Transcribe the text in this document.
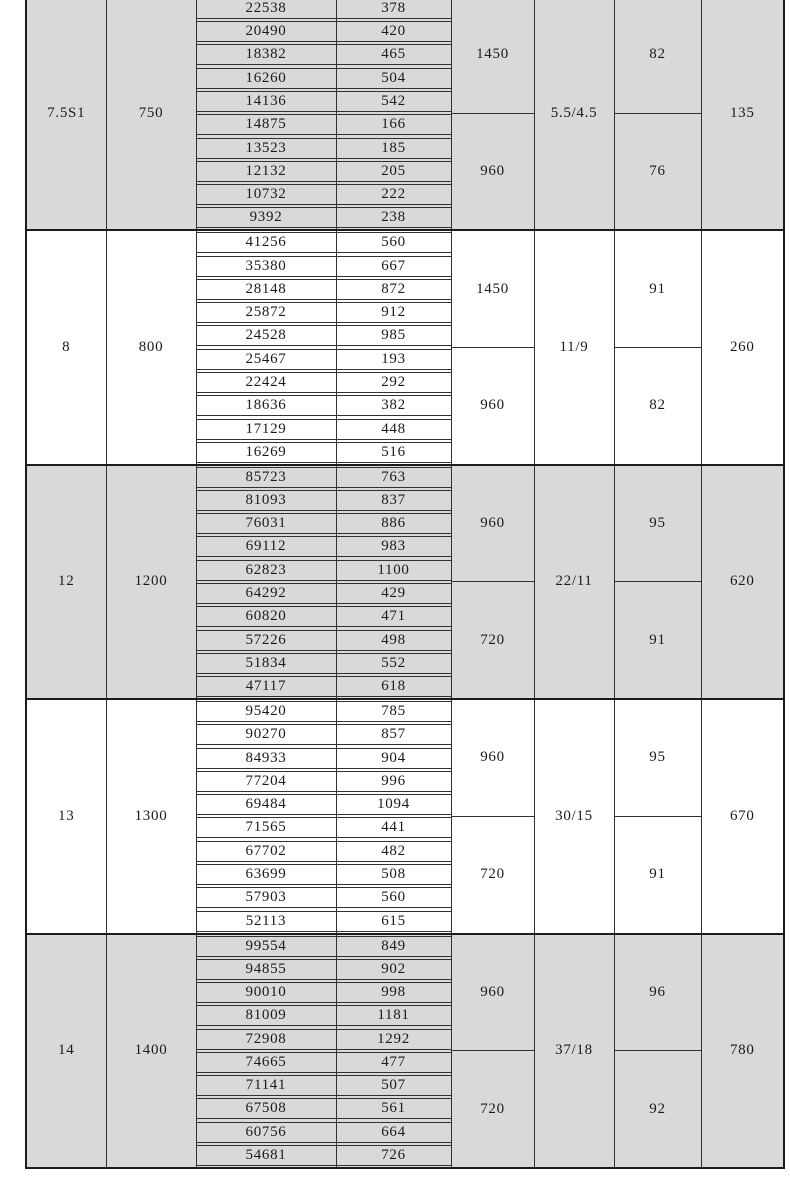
7.5S1	750	22538	378	1450	5.5/4.5	82	135

		20490	420				

		18382	465				

		16260	504				

		14136	542				

		14875	166	960		76	

		13523	185				

		12132	205				

		10732	222				

		9392	238				

8	800	41256	560	1450	11/9	91	260

		35380	667				

		28148	872				

		25872	912				

		24528	985				

		25467	193	960		82	

		22424	292				

		18636	382				

		17129	448				

		16269	516				

12	1200	85723	763	960	22/11	95	620

		81093	837				

		76031	886				

		69112	983				

		62823	1100				

		64292	429	720		91	

		60820	471				

		57226	498				

		51834	552				

		47117	618				

13	1300	95420	785	960	30/15	95	670

		90270	857				

		84933	904				

		77204	996				

		69484	1094				

		71565	441	720		91	

		67702	482				

		63699	508				

		57903	560				

		52113	615				

14	1400	99554	849	960	37/18	96	780

		94855	902				

		90010	998				

		81009	1181				

		72908	1292				

		74665	477	720		92	

		71141	507				

		67508	561				

		60756	664				

		54681	726				
